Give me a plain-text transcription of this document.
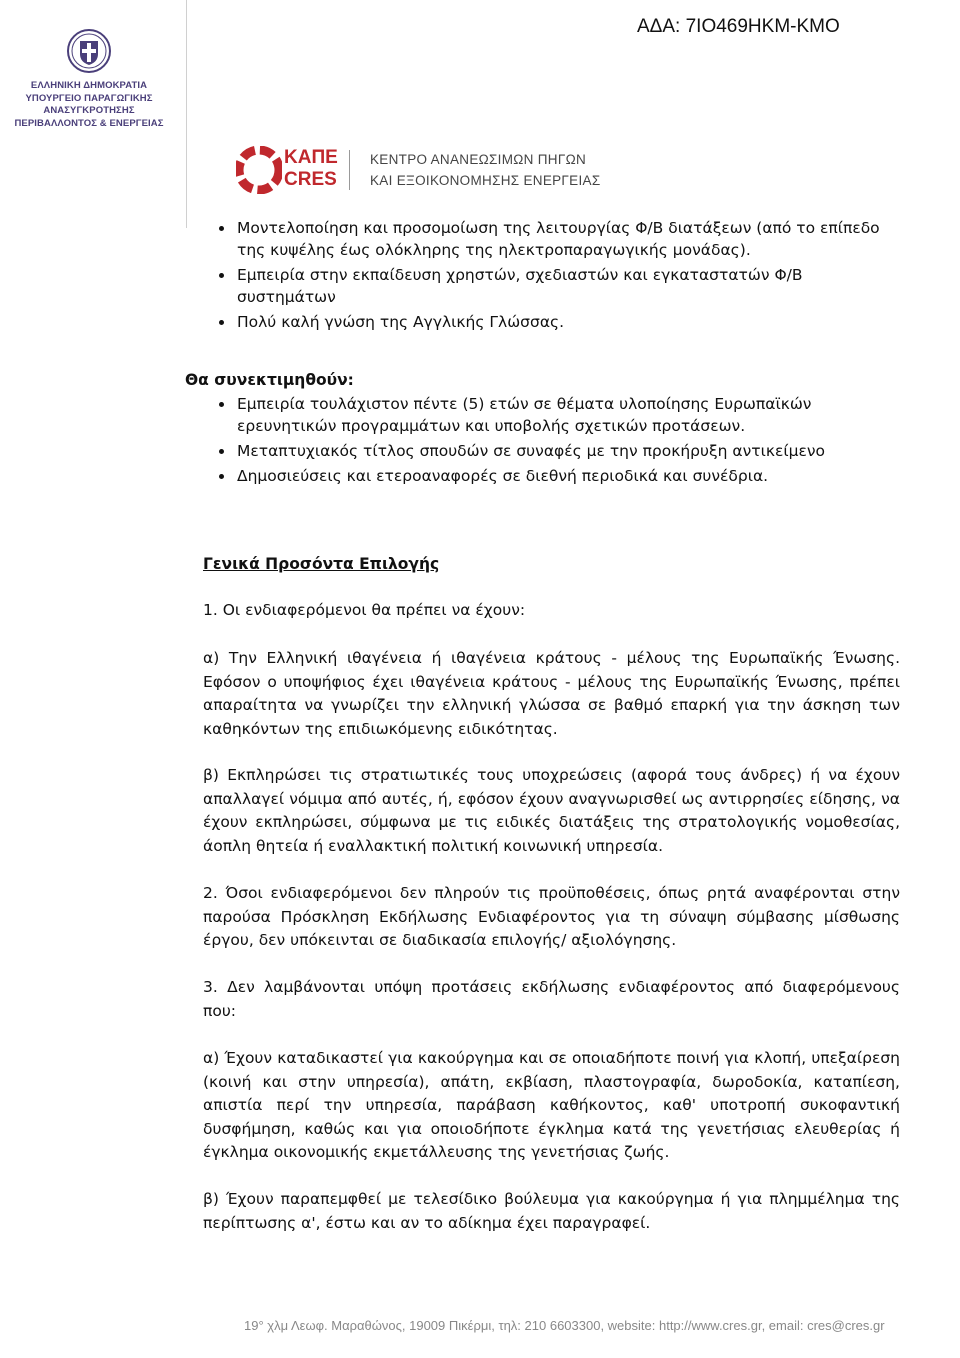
ΑΔΑ: 7ΙΟ469ΗΚΜ-ΚΜΟ
ΕΛΛΗΝΙΚΗ ΔΗΜΟΚΡΑΤΙΑ
ΥΠΟΥΡΓΕΙΟ ΠΑΡΑΓΩΓΙΚΗΣ
ΑΝΑΣΥΓΚΡΟΤΗΣΗΣ
ΠΕΡΙΒΑΛΛΟΝΤΟΣ & ΕΝΕΡΓΕΙΑΣ
ΚΑΠΕ
CRES
ΚΕΝΤΡΟ ΑΝΑΝΕΩΣΙΜΩΝ ΠΗΓΩΝ
ΚΑΙ ΕΞΟΙΚΟΝΟΜΗΣΗΣ ΕΝΕΡΓΕΙΑΣ
Μοντελοποίηση και προσομοίωση της λειτουργίας Φ/Β διατάξεων (από το επίπεδο της κυψέλης έως ολόκληρης της ηλεκτροπαραγωγικής μονάδας).
Εμπειρία στην εκπαίδευση χρηστών, σχεδιαστών και εγκαταστατών Φ/Β συστημάτων
Πολύ καλή γνώση της Αγγλικής Γλώσσας.
Θα συνεκτιμηθούν:
Εμπειρία τουλάχιστον πέντε (5) ετών σε θέματα υλοποίησης Ευρωπαϊκών ερευνητικών προγραμμάτων και υποβολής σχετικών προτάσεων.
Μεταπτυχιακός τίτλος σπουδών σε συναφές με την προκήρυξη αντικείμενο
Δημοσιεύσεις και ετεροαναφορές σε διεθνή περιοδικά και συνέδρια.
Γενικά Προσόντα Επιλογής
1. Οι ενδιαφερόμενοι θα πρέπει να έχουν:
α) Την Ελληνική ιθαγένεια ή ιθαγένεια κράτους - μέλους της Ευρωπαϊκής Ένωσης. Εφόσον ο υποψήφιος έχει ιθαγένεια κράτους - μέλους της Ευρωπαϊκής Ένωσης, πρέπει απαραίτητα να γνωρίζει την ελληνική γλώσσα σε βαθμό επαρκή για την άσκηση των καθηκόντων της επιδιωκόμενης ειδικότητας.
β) Εκπληρώσει τις στρατιωτικές τους υποχρεώσεις (αφορά τους άνδρες) ή να έχουν απαλλαγεί νόμιμα από αυτές, ή, εφόσον έχουν αναγνωρισθεί ως αντιρρησίες είδησης, να έχουν εκπληρώσει, σύμφωνα με τις ειδικές διατάξεις της στρατολογικής νομοθεσίας, άοπλη θητεία ή εναλλακτική πολιτική κοινωνική υπηρεσία.
2. Όσοι ενδιαφερόμενοι δεν πληρούν τις προϋποθέσεις, όπως ρητά αναφέρονται στην παρούσα Πρόσκληση Εκδήλωσης Ενδιαφέροντος για τη σύναψη σύμβασης μίσθωσης έργου, δεν υπόκεινται σε διαδικασία επιλογής/ αξιολόγησης.
3. Δεν λαμβάνονται υπόψη προτάσεις εκδήλωσης ενδιαφέροντος από διαφερόμενους που:
α) Έχουν καταδικαστεί για κακούργημα και σε οποιαδήποτε ποινή για κλοπή, υπεξαίρεση (κοινή και στην υπηρεσία), απάτη, εκβίαση, πλαστογραφία, δωροδοκία, καταπίεση, απιστία περί την υπηρεσία, παράβαση καθήκοντος, καθ' υποτροπή συκοφαντική δυσφήμηση, καθώς και για οποιοδήποτε έγκλημα κατά της γενετήσιας ελευθερίας ή έγκλημα οικονομικής εκμετάλλευσης της γενετήσιας ζωής.
β) Έχουν παραπεμφθεί με τελεσίδικο βούλευμα για κακούργημα ή για πλημμέλημα της περίπτωσης α', έστω και αν το αδίκημα έχει παραγραφεί.
19° χλμ Λεωφ. Μαραθώνος, 19009 Πικέρμι, τηλ: 210 6603300, website: http://www.cres.gr, email: cres@cres.gr
